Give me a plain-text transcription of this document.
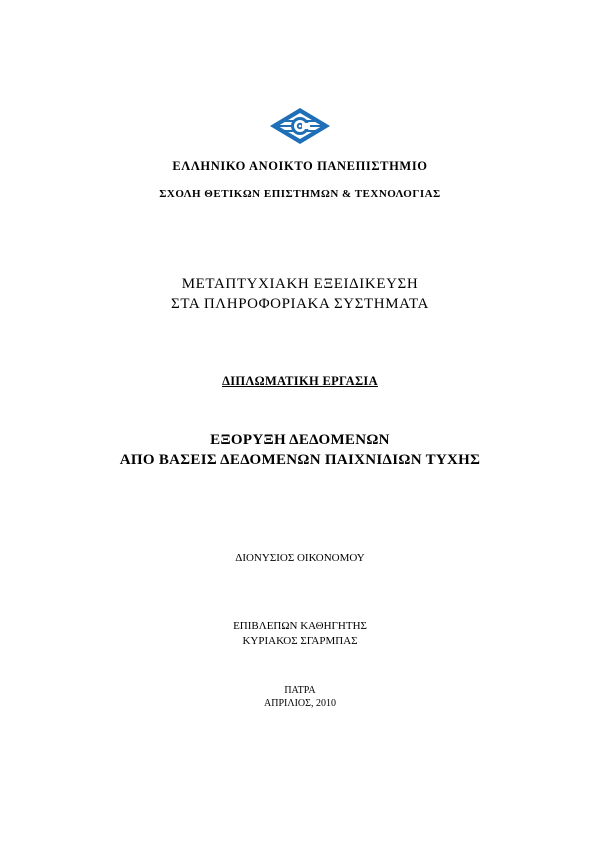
ΕΛΛΗΝΙΚΟ ΑΝΟΙΚΤΟ ΠΑΝΕΠΙΣΤΗΜΙΟ
ΣΧΟΛΗ ΘΕΤΙΚΩΝ ΕΠΙΣΤΗΜΩΝ & ΤΕΧΝΟΛΟΓΙΑΣ
ΜΕΤΑΠΤΥΧΙΑΚΗ ΕΞΕΙΔΙΚΕΥΣΗ
ΣΤΑ ΠΛΗΡΟΦΟΡΙΑΚΑ ΣΥΣΤΗΜΑΤΑ
ΔΙΠΛΩΜΑΤΙΚΗ ΕΡΓΑΣΙΑ
ΕΞΟΡΥΞΗ ΔΕΔΟΜΕΝΩΝ
ΑΠΟ ΒΑΣΕΙΣ ΔΕΔΟΜΕΝΩΝ ΠΑΙΧΝΙΔΙΩΝ ΤΥΧΗΣ
ΔΙΟΝΥΣΙΟΣ ΟΙΚΟΝΟΜΟΥ
ΕΠΙΒΛΕΠΩΝ ΚΑΘΗΓΗΤΗΣ
ΚΥΡΙΑΚΟΣ ΣΓΑΡΜΠΑΣ
ΠΑΤΡΑ
ΑΠΡΙΛΙΟΣ, 2010
